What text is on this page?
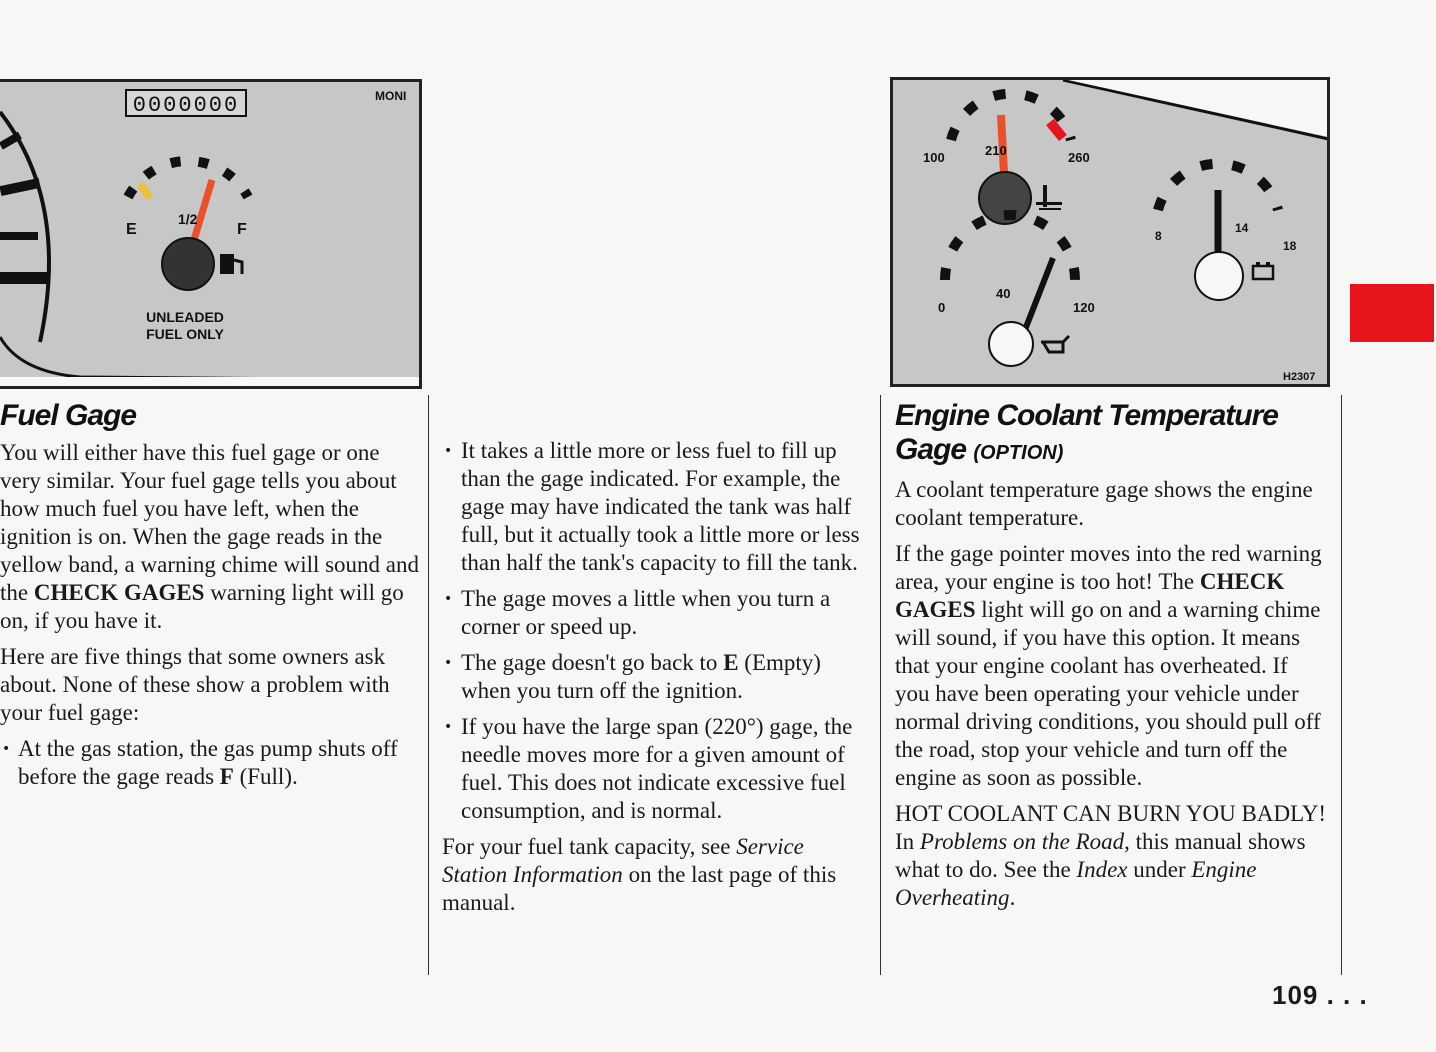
0000000	MONI
E
1/2
F
UNLEADED
FUEL ONLY
100	210	260
0
40
120
8
14
18
H2307
Fuel Gage

You will either have this fuel gage or one very similar. Your fuel gage tells you about how much fuel you have left, when the ignition is on. When the gage reads in the yellow band, a warning chime will sound and the CHECK GAGES warning light will go on, if you have it.

Here are five things that some owners ask about. None of these show a problem with your fuel gage:

• At the gas station, the gas pump shuts off before the gage reads F (Full).
• It takes a little more or less fuel to fill up than the gage indicated. For example, the gage may have indicated the tank was half full, but it actually took a little more or less than half the tank's capacity to fill the tank.
• The gage moves a little when you turn a corner or speed up.
• The gage doesn't go back to E (Empty) when you turn off the ignition.
• If you have the large span (220°) gage, the needle moves more for a given amount of fuel. This does not indicate excessive fuel consumption, and is normal.

For your fuel tank capacity, see Service Station Information on the last page of this manual.

Engine Coolant Temperature Gage (OPTION)

A coolant temperature gage shows the engine coolant temperature.

If the gage pointer moves into the red warning area, your engine is too hot! The CHECK GAGES light will go on and a warning chime will sound, if you have this option. It means that your engine coolant has overheated. If you have been operating your vehicle under normal driving conditions, you should pull off the road, stop your vehicle and turn off the engine as soon as possible.

HOT COOLANT CAN BURN YOU BADLY! In Problems on the Road, this manual shows what to do. See the Index under Engine Overheating.

109 . . .
